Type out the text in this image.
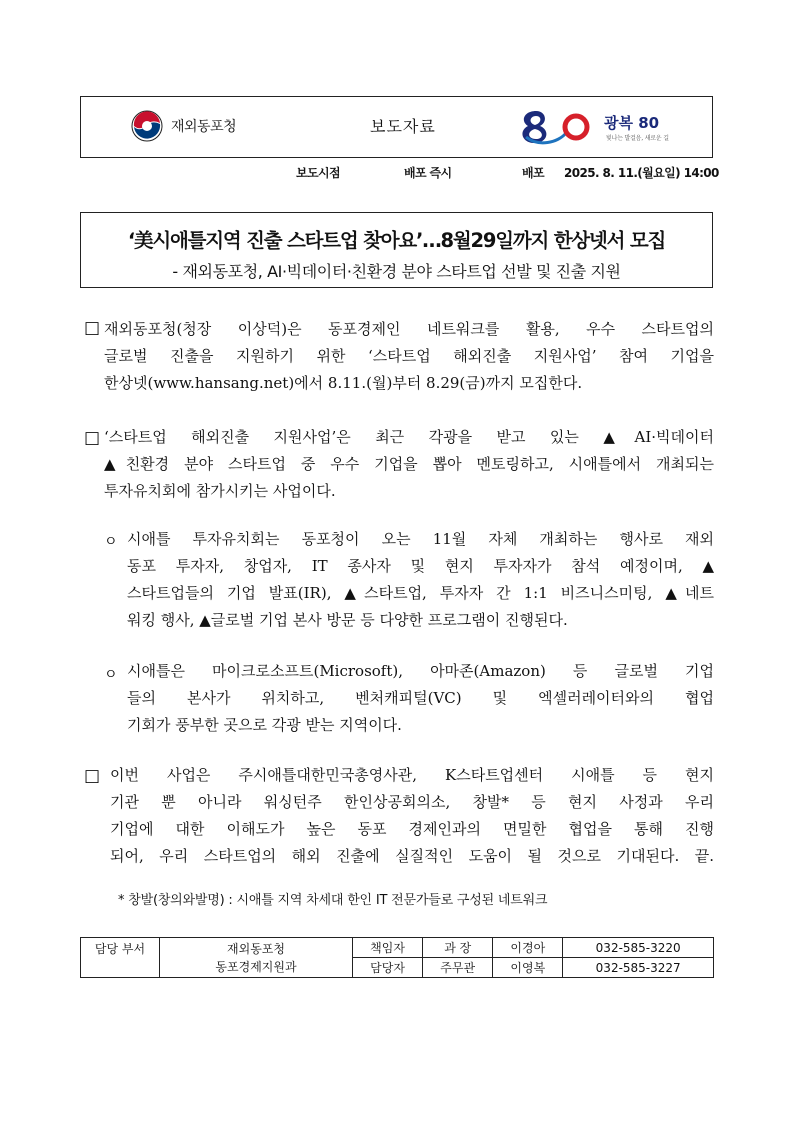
재외동포청	보도자료	광복 80
빛나는 발걸음, 새로운 길
보도시점	배포 즉시	배포 2025. 8. 11.(월요일) 14:00
‘美시애틀지역 진출 스타트업 찾아요’…8월29일까지 한상넷서 모집
- 재외동포청, AI·빅데이터·친환경 분야 스타트업 선발 및 진출 지원
□ 재외동포청(청장 이상덕)은 동포경제인 네트워크를 활용, 우수 스타트업의
글로벌 진출을 지원하기 위한 ‘스타트업 해외진출 지원사업’ 참여 기업을
한상넷(www.hansang.net)에서 8.11.(월)부터 8.29(금)까지 모집한다.
□ ‘스타트업 해외진출 지원사업’은 최근 각광을 받고 있는 ▲AI·빅데이터
▲친환경 분야 스타트업 중 우수 기업을 뽑아 멘토링하고, 시애틀에서 개최되는
투자유치회에 참가시키는 사업이다.
ㅇ 시애틀 투자유치회는 동포청이 오는 11월 자체 개최하는 행사로 재외
동포 투자자, 창업자, IT 종사자 및 현지 투자자가 참석 예정이며, ▲
스타트업들의 기업 발표(IR), ▲스타트업, 투자자 간 1:1 비즈니스미팅, ▲네트
워킹 행사, ▲글로벌 기업 본사 방문 등 다양한 프로그램이 진행된다.
ㅇ 시애틀은 마이크로소프트(Microsoft), 아마존(Amazon) 등 글로벌 기업
들의 본사가 위치하고, 벤처캐피털(VC) 및 엑셀러레이터와의 협업
기회가 풍부한 곳으로 각광 받는 지역이다.
□ 이번 사업은 주시애틀대한민국총영사관, K스타트업센터 시애틀 등 현지
기관 뿐 아니라 워싱턴주 한인상공회의소, 창발* 등 현지 사정과 우리
기업에 대한 이해도가 높은 동포 경제인과의 면밀한 협업을 통해 진행
되어, 우리 스타트업의 해외 진출에 실질적인 도움이 될 것으로 기대된다. 끝.
* 창발(창의와발명) : 시애틀 지역 차세대 한인 IT 전문가들로 구성된 네트워크
담당 부서	재외동포청
동포경제지원과	책임자	과 장	이경아	032-585-3220
		담당자	주무관	이영복	032-585-3227
